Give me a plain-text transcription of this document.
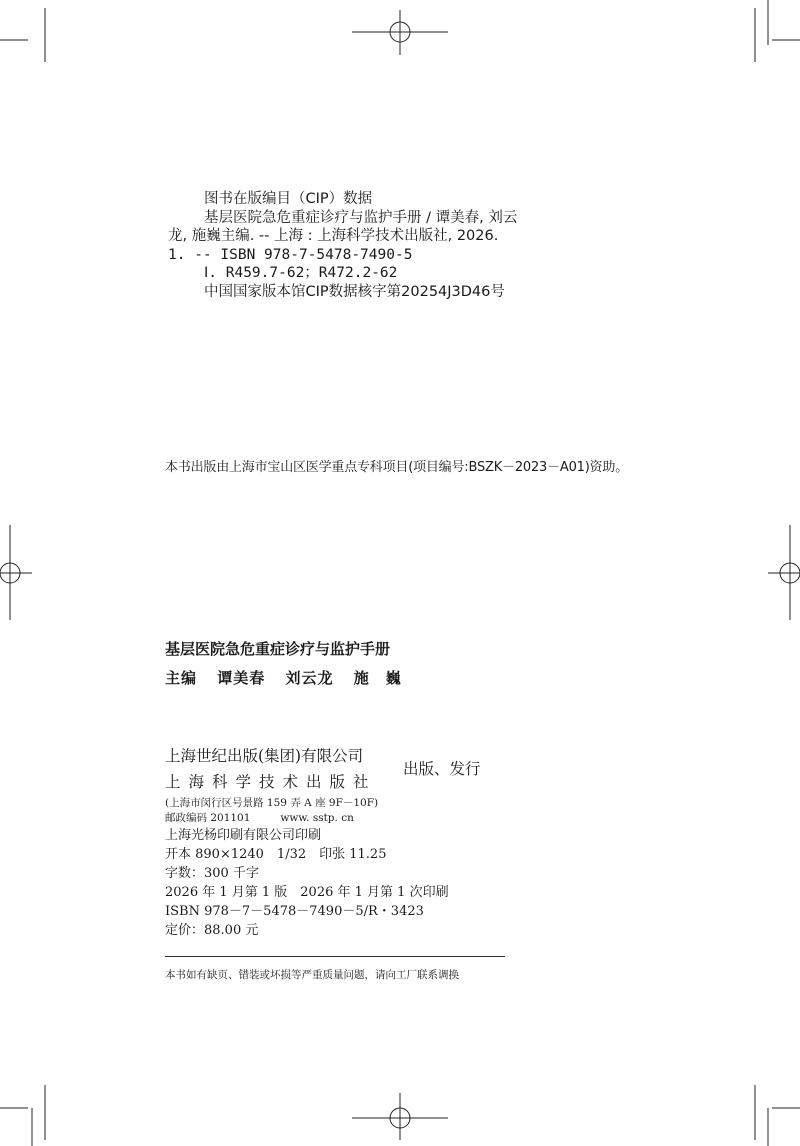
图书在版编目（CIP）数据
基层医院急危重症诊疗与监护手册 / 谭美春, 刘云
龙, 施巍主编. -- 上海 : 上海科学技术出版社, 2026.
1. -- ISBN 978-7-5478-7490-5
Ⅰ. R459.7-62；R472.2-62
中国国家版本馆CIP数据核字第20254J3D46号
本书出版由上海市宝山区医学重点专科项目(项目编号:BSZK－2023－A01)资助。
基层医院急危重症诊疗与监护手册
主编 谭美春 刘云龙 施　巍
上海世纪出版(集团)有限公司
上海科学技术出版社
出版、发行
(上海市闵行区号景路 159 弄 A 座 9F－10F)
邮政编码 201101	www. sstp. cn
上海光杨印刷有限公司印刷
开本 890×1240　1/32　印张 11.25
字数：300 千字
2026 年 1 月第 1 版　2026 年 1 月第 1 次印刷
ISBN 978－7－5478－7490－5/R・3423
定价：88.00 元
本书如有缺页、错装或坏损等严重质量问题，请向工厂联系调换
